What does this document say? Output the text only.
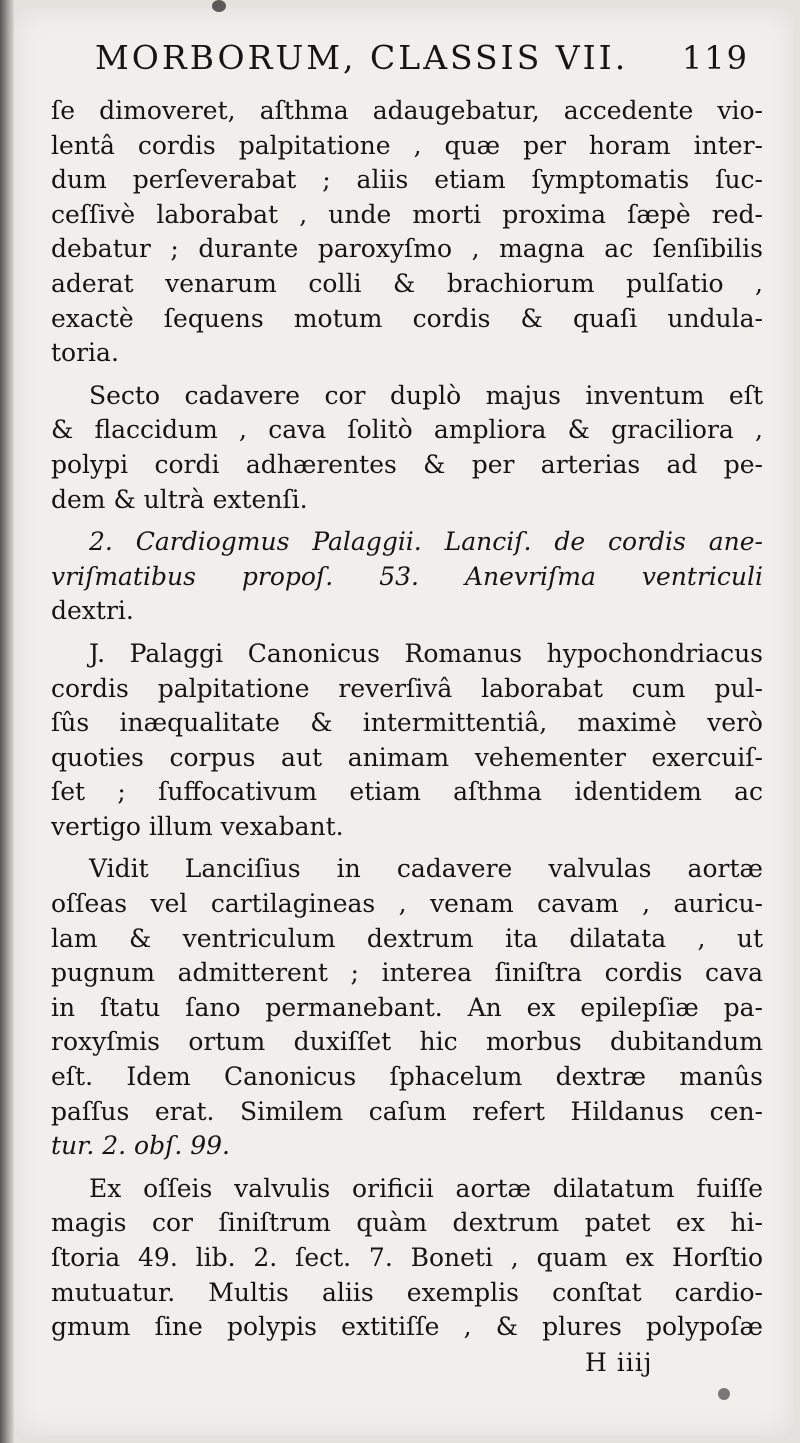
MORBORUM, CLASSIS VII. 119
ſe dimoveret, aſthma adaugebatur, accedente vio-
lentâ cordis palpitatione , quæ per horam inter-
dum perſeverabat ; aliis etiam ſymptomatis ſuc-
ceſſivè laborabat , unde morti proxima ſæpè red-
debatur ; durante paroxyſmo , magna ac ſenſibilis
aderat venarum colli & brachiorum pulſatio ,
exactè ſequens motum cordis & quaſi undula-
toria.
Secto cadavere cor duplò majus inventum eſt
& flaccidum , cava ſolitò ampliora & graciliora ,
polypi cordi adhærentes & per arterias ad pe-
dem & ultrà extenſi.
2. Cardiogmus Palaggii. Lanciſ. de cordis ane-
vriſmatibus propoſ. 53. Anevriſma ventriculi
dextri.
J. Palaggi Canonicus Romanus hypochondriacus
cordis palpitatione reverſivâ laborabat cum pul-
ſûs inæqualitate & intermittentiâ, maximè verò
quoties corpus aut animam vehementer exercuiſ-
ſet ; ſuffocativum etiam aſthma identidem ac
vertigo illum vexabant.
Vidit Lanciſius in cadavere valvulas aortæ
oſſeas vel cartilagineas , venam cavam , auricu-
lam & ventriculum dextrum ita dilatata , ut
pugnum admitterent ; interea ſiniſtra cordis cava
in ſtatu ſano permanebant. An ex epilepſiæ pa-
roxyſmis ortum duxiſſet hic morbus dubitandum
eſt. Idem Canonicus ſphacelum dextræ manûs
paſſus erat. Similem caſum refert Hildanus cen-
tur. 2. obſ. 99.
Ex oſſeis valvulis orificii aortæ dilatatum fuiſſe
magis cor ſiniſtrum quàm dextrum patet ex hi-
ſtoria 49. lib. 2. ſect. 7. Boneti , quam ex Horſtio
mutuatur. Multis aliis exemplis conſtat cardio-
gmum ſine polypis extitiſſe , & plures polypoſæ
H iiij
